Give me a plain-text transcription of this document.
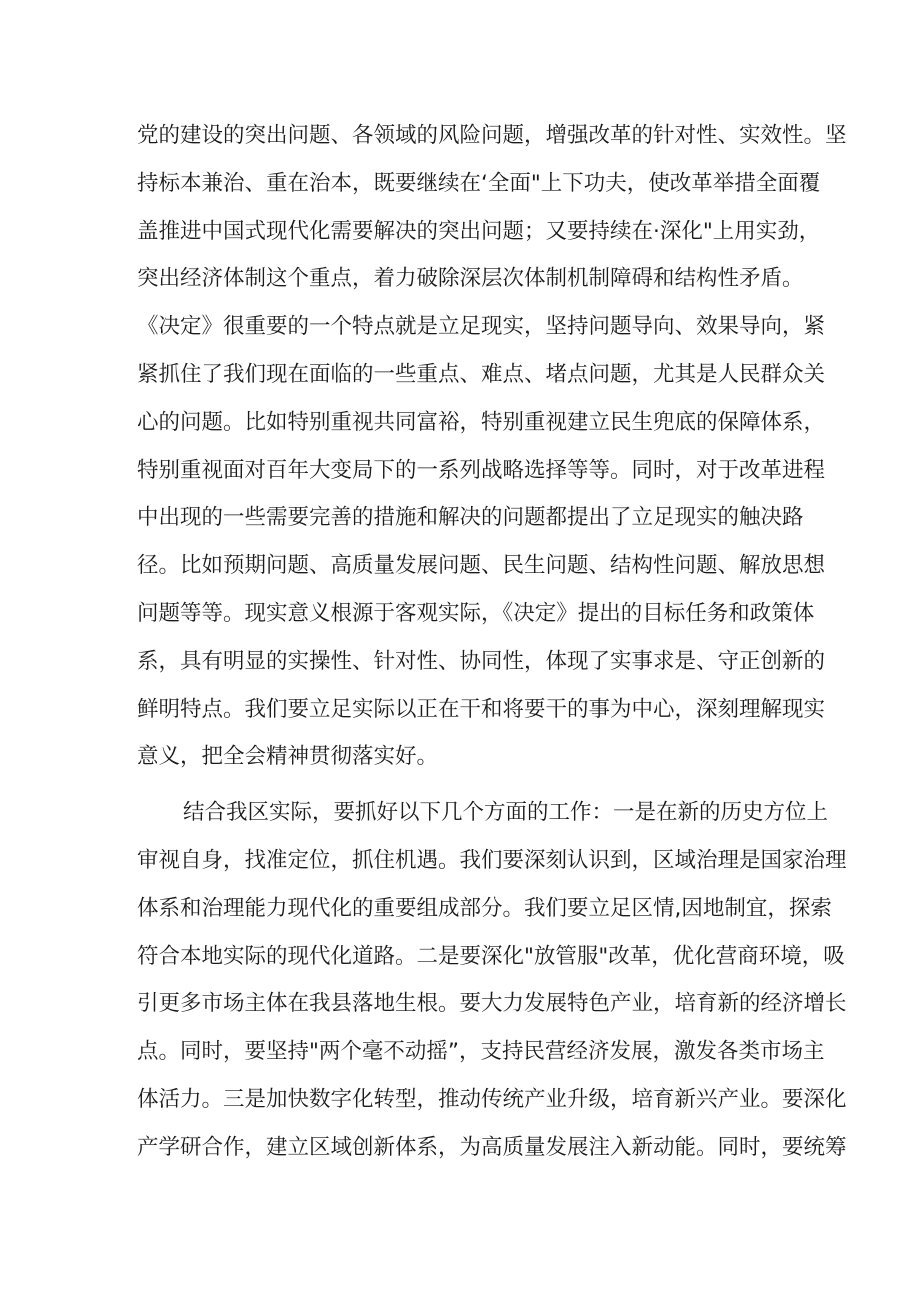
党的建设的突出问题、各领域的风险问题，增强改革的针对性、实效性。坚
持标本兼治、重在治本，既要继续在‘全面"上下功夫，使改革举措全面覆
盖推进中国式现代化需要解决的突出问题；又要持续在·深化"上用实劲，
突出经济体制这个重点，着力破除深层次体制机制障碍和结构性矛盾。
《决定》很重要的一个特点就是立足现实，坚持问题导向、效果导向，紧
紧抓住了我们现在面临的一些重点、难点、堵点问题，尤其是人民群众关
心的问题。比如特别重视共同富裕，特别重视建立民生兜底的保障体系，
特别重视面对百年大变局下的一系列战略选择等等。同时，对于改革进程
中出现的一些需要完善的措施和解决的问题都提出了立足现实的触决路
径。比如预期问题、高质量发展问题、民生问题、结构性问题、解放思想
问题等等。现实意义根源于客观实际，《决定》提出的目标任务和政策体
系，具有明显的实操性、针对性、协同性，体现了实事求是、守正创新的
鲜明特点。我们要立足实际以正在干和将要干的事为中心，深刻理解现实
意义，把全会精神贯彻落实好。
结合我区实际，要抓好以下几个方面的工作：一是在新的历史方位上
审视自身，找准定位，抓住机遇。我们要深刻认识到，区域治理是国家治理
体系和治理能力现代化的重要组成部分。我们要立足区情,因地制宜，探索
符合本地实际的现代化道路。二是要深化"放管服"改革，优化营商环境，吸
引更多市场主体在我县落地生根。要大力发展特色产业，培育新的经济增长
点。同时，要坚持"两个毫不动摇”，支持民营经济发展，激发各类市场主
体活力。三是加快数字化转型，推动传统产业升级，培育新兴产业。要深化
产学研合作，建立区域创新体系，为高质量发展注入新动能。同时，要统筹
